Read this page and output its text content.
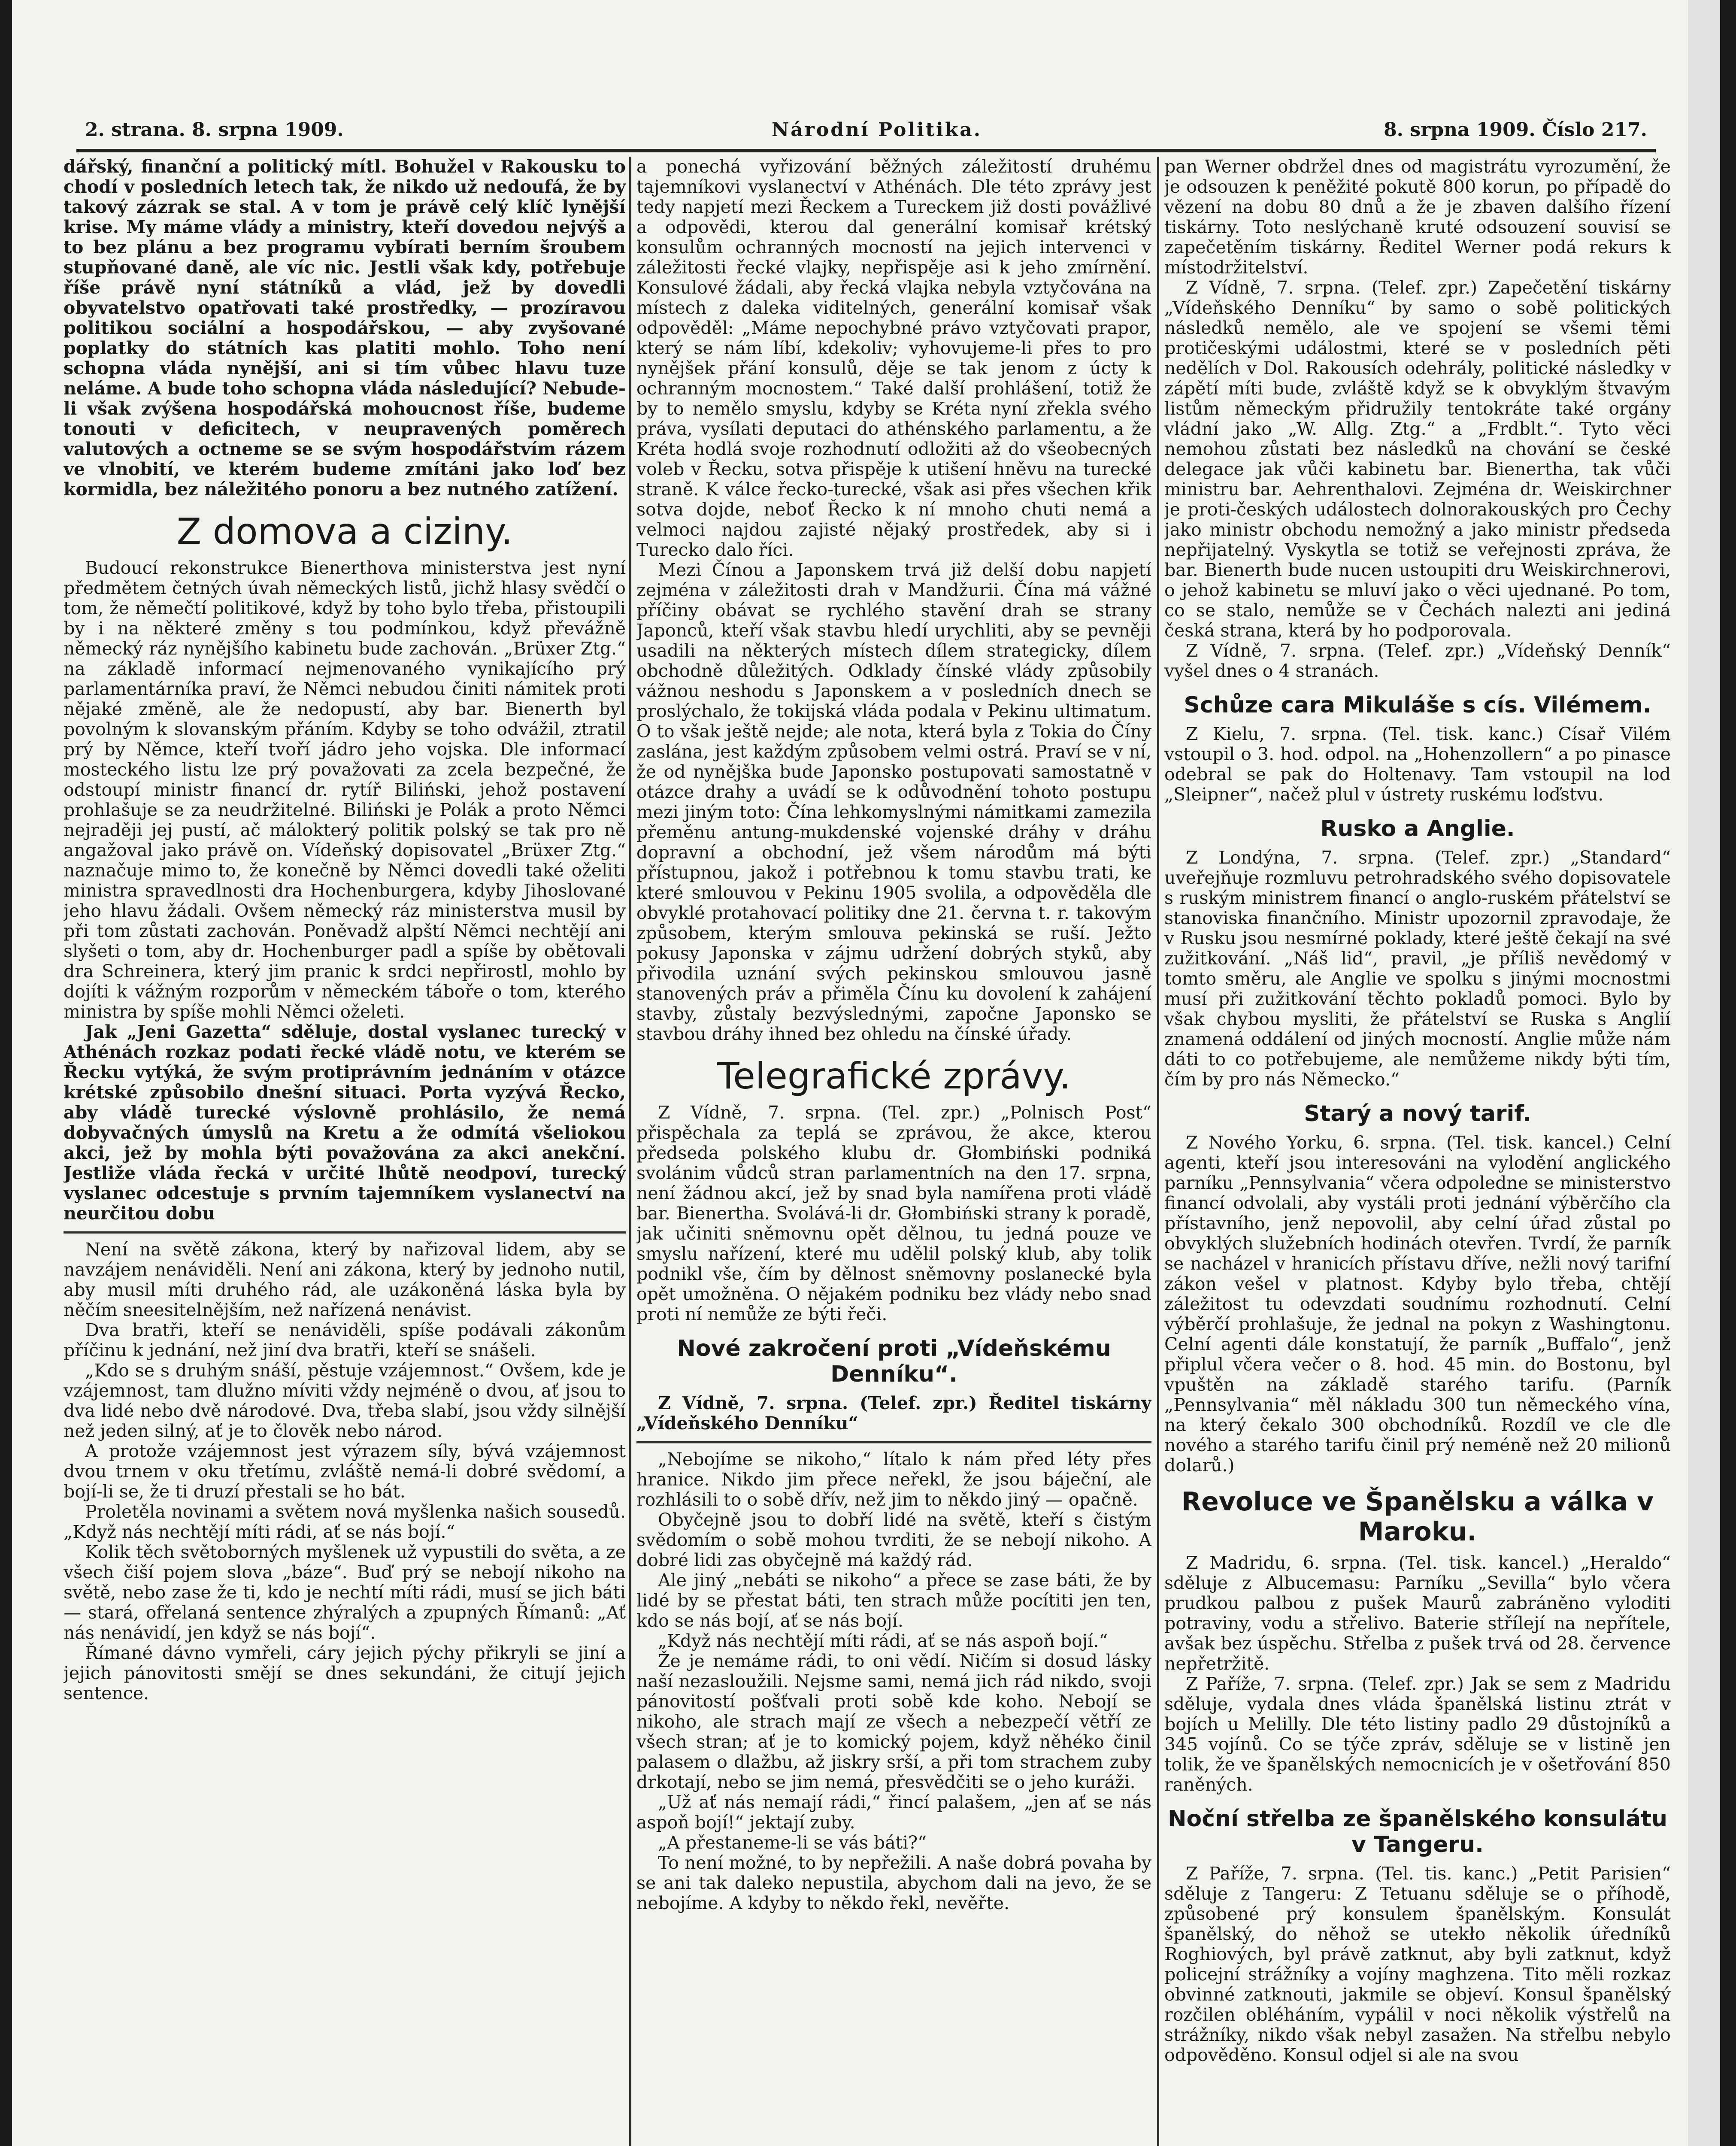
2. strana. 8. srpna 1909.	Národní Politika.	8. srpna 1909. Číslo 217.

dářský, finanční a politický mítl. Bohužel v Rakousku to chodí v posledních letech tak, že nikdo už nedoufá, že by takový zázrak se stal. A v tom je právě celý klíč lynější krise. My máme vlády a ministry, kteří dovedou nejvýš a to bez plánu a bez programu vybírati berním šroubem stupňované daně, ale víc nic. Jestli však kdy, potřebuje říše právě nyní státníků a vlád, jež by dovedli obyvatelstvo opatřovati také prostředky, — prozíravou politikou sociální a hospodářskou, — aby zvyšované poplatky do státních kas platiti mohlo. Toho není schopna vláda nynější, ani si tím vůbec hlavu tuze neláme. A bude toho schopna vláda následující? Nebude-li však zvýšena hospodářská mohoucnost říše, budeme tonouti v deficitech, v neupravených poměrech valutových a octneme se se svým hospodářstvím rázem ve vlnobití, ve kterém budeme zmítáni jako loď bez kormidla, bez náležitého ponoru a bez nutného zatížení.

Z domova a ciziny.

Budoucí rekonstrukce Bienerthova ministerstva jest nyní předmětem četných úvah německých listů, jichž hlasy svědčí o tom, že němečtí politikové, když by toho bylo třeba, přistoupili by i na některé změny s tou podmínkou, když převážně německý ráz nynějšího kabinetu bude zachován. „Brüxer Ztg.“ na základě informací nejmenovaného vynikajícího prý parlamentárníka praví, že Němci nebudou činiti námitek proti nějaké změně, ale že nedopustí, aby bar. Bienerth byl povolným k slovanským přáním. Kdyby se toho odvážil, ztratil prý by Němce, kteří tvoří jádro jeho vojska. Dle informací mosteckého listu lze prý považovati za zcela bezpečné, že odstoupí ministr financí dr. rytíř Biliński, jehož postavení prohlašuje se za neudržitelné. Biliński je Polák a proto Němci nejraději jej pustí, ač málokterý politik polský se tak pro ně angažoval jako právě on. Vídeňský dopisovatel „Brüxer Ztg.“ naznačuje mimo to, že konečně by Němci dovedli také oželiti ministra spravedlnosti dra Hochenburgera, kdyby Jihoslované jeho hlavu žádali. Ovšem německý ráz ministerstva musil by při tom zůstati zachován. Poněvadž alpští Němci nechtějí ani slyšeti o tom, aby dr. Hochenburger padl a spíše by obětovali dra Schreinera, který jim pranic k srdci nepřirostl, mohlo by dojíti k vážným rozporům v německém táboře o tom, kterého ministra by spíše mohli Němci oželeti.

Jak „Jeni Gazetta“ sděluje, dostal vyslanec turecký v Athénách rozkaz podati řecké vládě notu, ve kterém se Řecku vytýká, že svým protiprávním jednáním v otázce krétské způsobilo dnešní situaci. Porta vyzývá Řecko, aby vládě turecké výslovně prohlásilo, že nemá dobyvačných úmyslů na Kretu a že odmítá všeliokou akci, jež by mohla býti považována za akci anekční. Jestliže vláda řecká v určité lhůtě neodpoví, turecký vyslanec odcestuje s prvním tajemníkem vyslanectví na neurčitou dobu

Není na světě zákona, který by nařizoval lidem, aby se navzájem nenáviděli. Není ani zákona, který by jednoho nutil, aby musil míti druhého rád, ale uzákoněná láska byla by něčím sneesitelnějším, než nařízená nenávist.

Dva bratři, kteří se nenáviděli, spíše podávali zákonům příčinu k jednání, než jiní dva bratři, kteří se snášeli.

„Kdo se s druhým snáší, pěstuje vzájemnost.“ Ovšem, kde je vzájemnost, tam dlužno míviti vždy nejméně o dvou, ať jsou to dva lidé nebo dvě národové. Dva, třeba slabí, jsou vždy silnější než jeden silný, ať je to člověk nebo národ.

A protože vzájemnost jest výrazem síly, bývá vzájemnost dvou trnem v oku třetímu, zvláště nemá-li dobré svědomí, a bojí-li se, že ti druzí přestali se ho bát.

Proletěla novinami a světem nová myšlenka našich sousedů. „Když nás nechtějí míti rádi, ať se nás bojí.“

Kolik těch světoborných myšlenek už vypustili do světa, a ze všech čiší pojem slova „báze“. Buď prý se nebojí nikoho na světě, nebo zase že ti, kdo je nechtí míti rádi, musí se jich báti — stará, ofřelaná sentence zhýralých a zpupných Římanů: „Ať nás nenávidí, jen když se nás bojí“.

Římané dávno vymřeli, cáry jejich pýchy přikryli se jiní a jejich pánovitosti smějí se dnes sekundáni, že citují jejich sentence.

a ponechá vyřizování běžných záležitostí druhému tajemníkovi vyslanectví v Athénách. Dle této zprávy jest tedy napjetí mezi Řeckem a Tureckem již dosti povážlivé a odpovědi, kterou dal generální komisař krétský konsulům ochranných mocností na jejich intervenci v záležitosti řecké vlajky, nepřispěje asi k jeho zmírnění. Konsulové žádali, aby řecká vlajka nebyla vztyčována na místech z daleka viditelných, generální komisař však odpověděl: „Máme nepochybné právo vztyčovati prapor, který se nám líbí, kdekoliv; vyhovujeme-li přes to pro nynějšek přání konsulů, děje se tak jenom z úcty k ochranným mocnostem.“ Také další prohlášení, totiž že by to nemělo smyslu, kdyby se Kréta nyní zřekla svého práva, vysílati deputaci do athénského parlamentu, a že Kréta hodlá svoje rozhodnutí odložiti až do všeobecných voleb v Řecku, sotva přispěje k utišení hněvu na turecké straně. K válce řecko-turecké, však asi přes všechen křik sotva dojde, neboť Řecko k ní mnoho chuti nemá a velmoci najdou zajisté nějaký prostředek, aby si i Turecko dalo říci.

Mezi Čínou a Japonskem trvá již delší dobu napjetí zejména v záležitosti drah v Mandžurii. Čína má vážné příčiny obávat se rychlého stavění drah se strany Japonců, kteří však stavbu hledí urychliti, aby se pevněji usadili na některých místech dílem strategicky, dílem obchodně důležitých. Odklady čínské vlády způsobily vážnou neshodu s Japonskem a v posledních dnech se proslýchalo, že tokijská vláda podala v Pekinu ultimatum. O to však ještě nejde; ale nota, která byla z Tokia do Číny zaslána, jest každým způsobem velmi ostrá. Praví se v ní, že od nynějška bude Japonsko postupovati samostatně v otázce drahy a uvádí se k odůvodnění tohoto postupu mezi jiným toto: Čína lehkomyslnými námitkami zamezila přeměnu antung-mukdenské vojenské dráhy v dráhu dopravní a obchodní, jež všem národům má býti přístupnou, jakož i potřebnou k tomu stavbu trati, ke které smlouvou v Pekinu 1905 svolila, a odpověděla dle obvyklé protahovací politiky dne 21. června t. r. takovým způsobem, kterým smlouva pekinská se ruší. Ježto pokusy Japonska v zájmu udržení dobrých styků, aby přivodila uznání svých pekinskou smlouvou jasně stanovených práv a přiměla Čínu ku dovolení k zahájení stavby, zůstaly bezvýslednými, započne Japonsko se stavbou dráhy ihned bez ohledu na čínské úřady.

Telegrafické zprávy.

Z Vídně, 7. srpna. (Tel. zpr.) „Polnisch Post“ přispěchala za teplá se zprávou, že akce, kterou předseda polského klubu dr. Głombiński podniká svolánim vůdců stran parlamentních na den 17. srpna, není žádnou akcí, jež by snad byla namířena proti vládě bar. Bienertha. Svolává-li dr. Głombiński strany k poradě, jak učiniti sněmovnu opět dělnou, tu jedná pouze ve smyslu nařízení, které mu udělil polský klub, aby tolik podnikl vše, čím by dělnost sněmovny poslanecké byla opět umožněna. O nějakém podniku bez vlády nebo snad proti ní nemůže ze býti řeči.

Nové zakročení proti „Vídeňskému Denníku“.

Z Vídně, 7. srpna. (Telef. zpr.) Ředitel tiskárny „Vídeňského Denníku“

„Nebojíme se nikoho,“ lítalo k nám před léty přes hranice. Nikdo jim přece neřekl, že jsou báječní, ale rozhlásili to o sobě dřív, než jim to někdo jiný — opačně.

Obyčejně jsou to dobří lidé na světě, kteří s čistým svědomím o sobě mohou tvrditi, že se nebojí nikoho. A dobré lidi zas obyčejně má každý rád.

Ale jiný „nebáti se nikoho“ a přece se zase báti, že by lidé by se přestat báti, ten strach může pocítiti jen ten, kdo se nás bojí, ať se nás bojí.

„Když nás nechtějí míti rádi, ať se nás aspoň bojí.“

Že je nemáme rádi, to oni vědí. Ničím si dosud lásky naší nezasloužili. Nejsme sami, nemá jich rád nikdo, svoji pánovitostí pošťvali proti sobě kde koho. Nebojí se nikoho, ale strach mají ze všech a nebezpečí větří ze všech stran; ať je to komický pojem, když něhéko činil palasem o dlažbu, až jiskry srší, a při tom strachem zuby drkotají, nebo se jim nemá, přesvědčiti se o jeho kuráži.

„Už ať nás nemají rádi,“ řincí palašem, „jen ať se nás aspoň bojí!“ jektají zuby.

„A přestaneme-li se vás báti?“

To není možné, to by nepřežili. A naše dobrá povaha by se ani tak daleko nepustila, abychom dali na jevo, že se nebojíme. A kdyby to někdo řekl, nevěřte.

pan Werner obdržel dnes od magistrátu vyrozumění, že je odsouzen k peněžité pokutě 800 korun, po případě do vězení na dobu 80 dnů a že je zbaven dalšího řízení tiskárny. Toto neslýchaně kruté odsouzení souvisí se zapečetěním tiskárny. Ředitel Werner podá rekurs k místodržitelství.

Z Vídně, 7. srpna. (Telef. zpr.) Zapečetění tiskárny „Vídeňského Denníku“ by samo o sobě politických následků nemělo, ale ve spojení se všemi těmi protičeskými událostmi, které se v posledních pěti nedělích v Dol. Rakousích odehrály, politické následky v zápětí míti bude, zvláště když se k obvyklým štvavým listům německým přidružily tentokráte také orgány vládní jako „W. Allg. Ztg.“ a „Frdblt.“. Tyto věci nemohou zůstati bez následků na chování se české delegace jak vůči kabinetu bar. Bienertha, tak vůči ministru bar. Aehrenthalovi. Zejména dr. Weiskirchner je proti-českých událostech dolnorakouských pro Čechy jako ministr obchodu nemožný a jako ministr předseda nepřijatelný. Vyskytla se totiž se veřejnosti zpráva, že bar. Bienerth bude nucen ustoupiti dru Weiskirchnerovi, o jehož kabinetu se mluví jako o věci ujednané. Po tom, co se stalo, nemůže se v Čechách nalezti ani jediná česká strana, která by ho podporovala.

Z Vídně, 7. srpna. (Telef. zpr.) „Vídeňský Denník“ vyšel dnes o 4 stranách.

Schůze cara Mikuláše s cís. Vilémem.

Z Kielu, 7. srpna. (Tel. tisk. kanc.) Císař Vilém vstoupil o 3. hod. odpol. na „Hohenzollern“ a po pinasce odebral se pak do Holtenavy. Tam vstoupil na lod „Sleipner“, načež plul v ústrety ruskému loďstvu.

Rusko a Anglie.

Z Londýna, 7. srpna. (Telef. zpr.) „Standard“ uveřejňuje rozmluvu petrohradského svého dopisovatele s ruským ministrem financí o anglo-ruském přátelství se stanoviska finančního. Ministr upozornil zpravodaje, že v Rusku jsou nesmírné poklady, které ještě čekají na své zužitkování. „Náš lid“, pravil, „je příliš nevědomý v tomto směru, ale Anglie ve spolku s jinými mocnostmi musí při zužitkování těchto pokladů pomoci. Bylo by však chybou mysliti, že přátelství se Ruska s Anglií znamená oddálení od jiných mocností. Anglie může nám dáti to co potřebujeme, ale nemůžeme nikdy býti tím, čím by pro nás Německo.“

Starý a nový tarif.

Z Nového Yorku, 6. srpna. (Tel. tisk. kancel.) Celní agenti, kteří jsou interesováni na vylodění anglického parníku „Pennsylvania“ včera odpoledne se ministerstvo financí odvolali, aby vystáli proti jednání výběrčího cla přístavního, jenž nepovolil, aby celní úřad zůstal po obvyklých služebních hodinách otevřen. Tvrdí, že parník se nacházel v hranicích přístavu dříve, nežli nový tarifní zákon vešel v platnost. Kdyby bylo třeba, chtějí záležitost tu odevzdati soudnímu rozhodnutí. Celní výběrčí prohlašuje, že jednal na pokyn z Washingtonu. Celní agenti dále konstatují, že parník „Buffalo“, jenž připlul včera večer o 8. hod. 45 min. do Bostonu, byl vpuštěn na základě starého tarifu. (Parník „Pennsylvania“ měl nákladu 300 tun německého vína, na který čekalo 300 obchodníků. Rozdíl ve cle dle nového a starého tarifu činil prý neméně než 20 milionů dolarů.)

Revoluce ve Španělsku a válka v Maroku.

Z Madridu, 6. srpna. (Tel. tisk. kancel.) „Heraldo“ sděluje z Albucemasu: Parníku „Sevilla“ bylo včera prudkou palbou z pušek Maurů zabráněno vyloditi potraviny, vodu a střelivo. Baterie střílejí na nepřítele, avšak bez úspěchu. Střelba z pušek trvá od 28. července nepřetržitě.

Z Paříže, 7. srpna. (Telef. zpr.) Jak se sem z Madridu sděluje, vydala dnes vláda španělská listinu ztrát v bojích u Melilly. Dle této listiny padlo 29 důstojníků a 345 vojínů. Co se týče zpráv, sděluje se v listině jen tolik, že ve španělských nemocnicích je v ošetřování 850 raněných.

Noční střelba ze španělského konsulátu v Tangeru.

Z Paříže, 7. srpna. (Tel. tis. kanc.) „Petit Parisien“ sděluje z Tangeru: Z Tetuanu sděluje se o příhodě, způsobené prý konsulem španělským. Konsulát španělský, do něhož se utekło několik úředníků Roghiových, byl právě zatknut, aby byli zatknut, když policejní strážníky a vojíny maghzena. Tito měli rozkaz obvinné zatknouti, jakmile se objeví. Konsul španělský rozčilen obléháním, vypálil v noci několik výstřelů na strážníky, nikdo však nebyl zasažen. Na střelbu nebylo odpověděno. Konsul odjel si ale na svou
